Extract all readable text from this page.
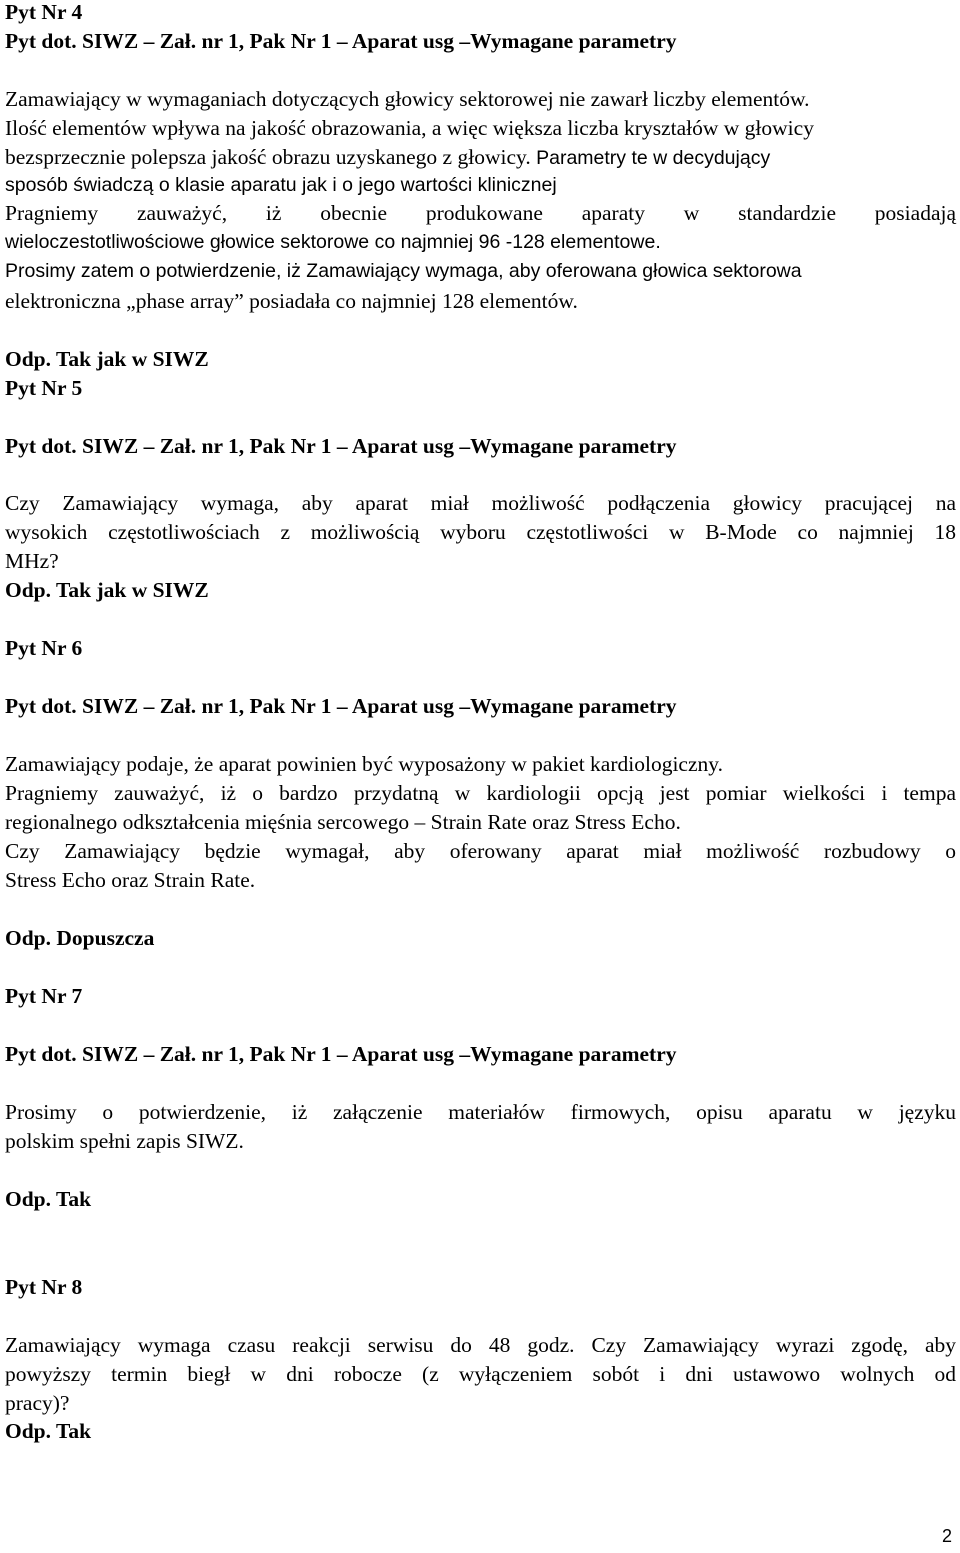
Pyt Nr 4
Pyt dot. SIWZ – Zał. nr 1, Pak Nr 1 – Aparat usg –Wymagane parametry
Zamawiający w wymaganiach dotyczących głowicy sektorowej nie zawarł liczby elementów.
Ilość elementów wpływa na jakość obrazowania, a więc większa liczba kryształów w głowicy
bezsprzecznie polepsza jakość obrazu uzyskanego z głowicy. Parametry te w decydujący
sposób świadczą o klasie aparatu jak i o jego wartości klinicznej
Pragniemy zauważyć, iż obecnie produkowane aparaty w standardzie posiadają
wieloczestotliwościowe głowice sektorowe co najmniej 96 -128 elementowe.
Prosimy zatem o potwierdzenie, iż Zamawiający wymaga, aby oferowana głowica sektorowa
elektroniczna „phase array” posiadała co najmniej 128 elementów.
Odp. Tak jak w SIWZ
Pyt Nr 5
Pyt dot. SIWZ – Zał. nr 1, Pak Nr 1 – Aparat usg –Wymagane parametry
Czy Zamawiający wymaga, aby aparat miał możliwość podłączenia głowicy pracującej na
wysokich częstotliwościach z możliwością wyboru częstotliwości w B-Mode co najmniej 18
MHz?
Odp. Tak jak w SIWZ
Pyt Nr 6
Pyt dot. SIWZ – Zał. nr 1, Pak Nr 1 – Aparat usg –Wymagane parametry
Zamawiający podaje, że aparat powinien być wyposażony w pakiet kardiologiczny.
Pragniemy zauważyć, iż o bardzo przydatną w kardiologii opcją jest pomiar wielkości i tempa
regionalnego odkształcenia mięśnia sercowego – Strain Rate oraz Stress Echo.
Czy Zamawiający będzie wymagał, aby oferowany aparat miał możliwość rozbudowy o
Stress Echo oraz Strain Rate.
Odp. Dopuszcza
Pyt Nr 7
Pyt dot. SIWZ – Zał. nr 1, Pak Nr 1 – Aparat usg –Wymagane parametry
Prosimy o potwierdzenie, iż załączenie materiałów firmowych, opisu aparatu w języku
polskim spełni zapis SIWZ.
Odp. Tak
Pyt Nr 8
Zamawiający wymaga czasu reakcji serwisu do 48 godz. Czy Zamawiający wyrazi zgodę, aby
powyższy termin biegł w dni robocze (z wyłączeniem sobót i dni ustawowo wolnych od
pracy)?
Odp. Tak
2
